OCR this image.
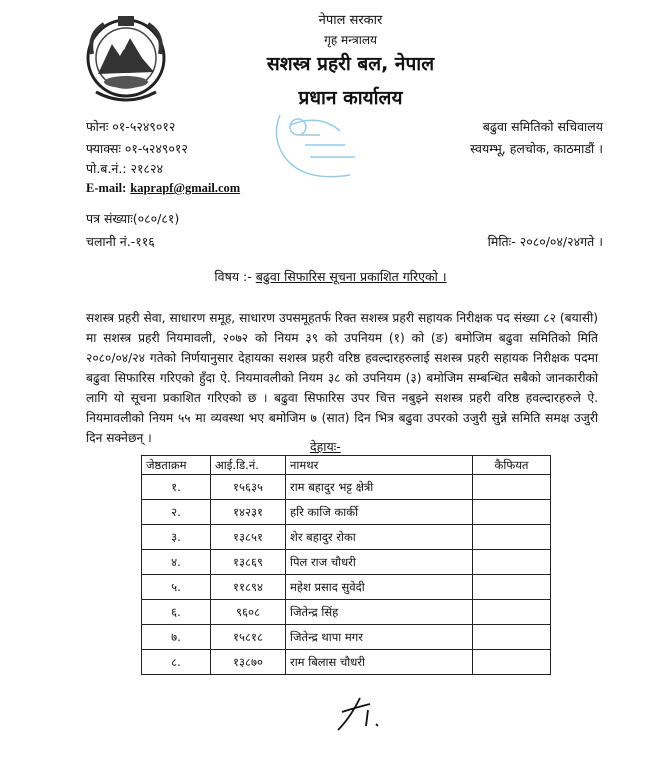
नेपाल सरकार
गृह मन्त्रालय
सशस्त्र प्रहरी बल, नेपाल
प्रधान कार्यालय
फोनः ०१-५२४९०१२
फ्याक्सः ०१-५२४९०१२
पो.ब.नं.: २१८२४
E-mail: kaprapf@gmail.com
बढुवा समितिको सचिवालय
स्वयम्भू, हलचोक, काठमाडौं ।
पत्र संख्याः(०८०/८१)
चलानी नं.-११६	मितिः- २०८०/०४/२४गते ।
विषय :- बढुवा सिफारिस सूचना प्रकाशित गरिएको ।

सशस्त्र प्रहरी सेवा, साधारण समूह, साधारण उपसमूहतर्फ रिक्त सशस्त्र प्रहरी सहायक निरीक्षक पद संख्या ८२ (बयासी) मा सशस्त्र प्रहरी नियमावली, २०७२ को नियम ३९ को उपनियम (१) को (ङ) बमोजिम बढुवा समितिको मिति २०८०/०४/२४ गतेको निर्णयानुसार देहायका सशस्त्र प्रहरी वरिष्ठ हवल्दारहरुलाई सशस्त्र प्रहरी सहायक निरीक्षक पदमा बढुवा सिफारिस गरिएको हुँदा ऐ. नियमावलीको नियम ३८ को उपनियम (३) बमोजिम सम्बन्धित सबैको जानकारीको लागि यो सूचना प्रकाशित गरिएको छ । बढुवा सिफारिस उपर चित्त नबुझ्ने सशस्त्र प्रहरी वरिष्ठ हवल्दारहरुले ऐ. नियमावलीको नियम ५५ मा व्यवस्था भए बमोजिम ७ (सात) दिन भित्र बढुवा उपरको उजुरी सुन्ने समिति समक्ष उजुरी दिन सक्नेछन् ।

देहायः-
जेष्ठताक्रम	आई.डि.नं.	नामथर	कैफियत
१.	१५६३५	राम बहादुर भट्ट क्षेत्री	
२.	१४२३१	हरि काजि कार्की	
३.	१३८५१	शेर बहादुर रोका	
४.	१३८६९	पिल राज चौधरी	
५.	११८९४	महेश प्रसाद सुवेदी	
६.	९६०८	जितेन्द्र सिंह	
७.	१५८१८	जितेन्द्र थापा मगर	
८.	१३८७०	राम बिलास चौधरी	
